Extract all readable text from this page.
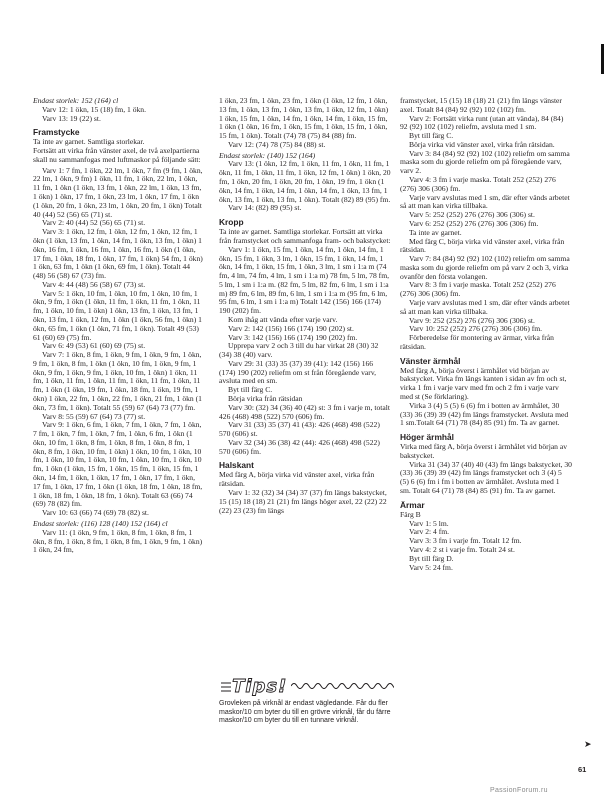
Endast storlek: 152 (164) cl

Varv 12: 1 ökn, 15 (18) fm, 1 ökn.

Varv 13: 19 (22) st.

Framstycke

Ta inte av garnet. Samtliga storlekar.

Fortsätt att virka från vänster axel, de två axelpartierna skall nu sammanfogas med luftmaskor på följande sätt:

Varv 1: 7 fm, 1 ökn, 22 lm, 1 ökn, 7 fm (9 fm, 1 ökn, 22 lm, 1 ökn, 9 fm) 1 ökn, 11 fm, 1 ökn, 22 lm, 1 ökn, 11 fm, 1 ökn (1 ökn, 13 fm, 1 ökn, 22 lm, 1 ökn, 13 fm, 1 ökn) 1 ökn, 17 fm, 1 ökn, 23 lm, 1 ökn, 17 fm, 1 ökn (1 ökn, 20 fm, 1 ökn, 23 lm, 1 ökn, 20 fm, 1 ökn) Totalt 40 (44) 52 (56) 65 (71) st.

Varv 2: 40 (44) 52 (56) 65 (71) st.

Varv 3: 1 ökn, 12 fm, 1 ökn, 12 fm, 1 ökn, 12 fm, 1 ökn (1 ökn, 13 fm, 1 ökn, 14 fm, 1 ökn, 13 fm, 1 ökn) 1 ökn, 16 fm, 1 ökn, 16 fm, 1 ökn, 16 fm, 1 ökn (1 ökn, 17 fm, 1 ökn, 18 fm, 1 ökn, 17 fm, 1 ökn) 54 fm, 1 ökn) 1 ökn, 63 fm, 1 ökn (1 ökn, 69 fm, 1 ökn). Totalt 44 (48) 56 (58) 67 (73) fm.

Varv 4: 44 (48) 56 (58) 67 (73) st.

Varv 5: 1 ökn, 10 fm, 1 ökn, 10 fm, 1 ökn, 10 fm, 1 ökn, 9 fm, 1 ökn (1 ökn, 11 fm, 1 ökn, 11 fm, 1 ökn, 11 fm, 1 ökn, 10 fm, 1 ökn) 1 ökn, 13 fm, 1 ökn, 13 fm, 1 ökn, 13 fm, 1 ökn, 12 fm, 1 ökn (1 ökn, 56 fm, 1 ökn) 1 ökn, 65 fm, 1 ökn (1 ökn, 71 fm, 1 ökn). Totalt 49 (53) 61 (60) 69 (75) fm.

Varv 6: 49 (53) 61 (60) 69 (75) st.

Varv 7: 1 ökn, 8 fm, 1 ökn, 9 fm, 1 ökn, 9 fm, 1 ökn, 9 fm, 1 ökn, 8 fm, 1 ökn (1 ökn, 10 fm, 1 ökn, 9 fm, 1 ökn, 9 fm, 1 ökn, 9 fm, 1 ökn, 10 fm, 1 ökn) 1 ökn, 11 fm, 1 ökn, 11 fm, 1 ökn, 11 fm, 1 ökn, 11 fm, 1 ökn, 11 fm, 1 ökn (1 ökn, 19 fm, 1 ökn, 18 fm, 1 ökn, 19 fm, 1 ökn) 1 ökn, 22 fm, 1 ökn, 22 fm, 1 ökn, 21 fm, 1 ökn (1 ökn, 73 fm, 1 ökn). Totalt 55 (59) 67 (64) 73 (77) fm.

Varv 8: 55 (59) 67 (64) 73 (77) st.

Varv 9: 1 ökn, 6 fm, 1 ökn, 7 fm, 1 ökn, 7 fm, 1 ökn, 7 fm, 1 ökn, 7 fm, 1 ökn, 7 fm, 1 ökn, 6 fm, 1 ökn (1 ökn, 10 fm, 1 ökn, 8 fm, 1 ökn, 8 fm, 1 ökn, 8 fm, 1 ökn, 8 fm, 1 ökn, 10 fm, 1 ökn) 1 ökn, 10 fm, 1 ökn, 10 fm, 1 ökn, 10 fm, 1 ökn, 10 fm, 1 ökn, 10 fm, 1 ökn, 10 fm, 1 ökn (1 ökn, 15 fm, 1 ökn, 15 fm, 1 ökn, 15 fm, 1 ökn, 14 fm, 1 ökn, 1 ökn, 17 fm, 1 ökn, 17 fm, 1 ökn, 17 fm, 1 ökn, 17 fm, 1 ökn (1 ökn, 18 fm, 1 ökn, 18 fm, 1 ökn, 18 fm, 1 ökn, 18 fm, 1 ökn). Totalt 63 (66) 74 (69) 78 (82) fm.

Varv 10: 63 (66) 74 (69) 78 (82) st.

Endast storlek: (116) 128 (140) 152 (164) cl

Varv 11: (1 ökn, 9 fm, 1 ökn, 8 fm, 1 ökn, 8 fm, 1 ökn, 8 fm, 1 ökn, 8 fm, 1 ökn, 8 fm, 1 ökn, 9 fm, 1 ökn) 1 ökn, 24 fm,

1 ökn, 23 fm, 1 ökn, 23 fm, 1 ökn (1 ökn, 12 fm, 1 ökn, 13 fm, 1 ökn, 13 fm, 1 ökn, 13 fm, 1 ökn, 12 fm, 1 ökn) 1 ökn, 15 fm, 1 ökn, 14 fm, 1 ökn, 14 fm, 1 ökn, 15 fm, 1 ökn (1 ökn, 16 fm, 1 ökn, 15 fm, 1 ökn, 15 fm, 1 ökn, 15 fm, 1 ökn). Totalt (74) 78 (75) 84 (88) fm.

Varv 12: (74) 78 (75) 84 (88) st.

Endast storlek: (140) 152 (164)

Varv 13: (1 ökn, 12 fm, 1 ökn, 11 fm, 1 ökn, 11 fm, 1 ökn, 11 fm, 1 ökn, 11 fm, 1 ökn, 12 fm, 1 ökn) 1 ökn, 20 fm, 1 ökn, 20 fm, 1 ökn, 20 fm, 1 ökn, 19 fm, 1 ökn (1 ökn, 14 fm, 1 ökn, 14 fm, 1 ökn, 14 fm, 1 ökn, 13 fm, 1 ökn, 13 fm, 1 ökn, 13 fm, 1 ökn). Totalt (82) 89 (95) fm.

Varv 14: (82) 89 (95) st.

Kropp

Ta inte av garnet. Samtliga storlekar. Fortsätt att virka från framstycket och sammanfoga fram- och bakstycket:

Varv 1: 1 ökn, 15 fm, 1 ökn, 14 fm, 1 ökn, 14 fm, 1 ökn, 15 fm, 1 ökn, 3 lm, 1 ökn, 15 fm, 1 ökn, 14 fm, 1 ökn, 14 fm, 1 ökn, 15 fm, 1 ökn, 3 lm, 1 sm i 1:a m (74 fm, 4 lm, 74 fm, 4 lm, 1 sm i 1:a m) 78 fm, 5 lm, 78 fm, 5 lm, 1 sm i 1:a m. (82 fm, 5 lm, 82 fm, 6 lm, 1 sm i 1:a m) 89 fm, 6 lm, 89 fm, 6 lm, 1 sm i 1:a m (95 fm, 6 lm, 95 fm, 6 lm, 1 sm i 1:a m) Totalt 142 (156) 166 (174) 190 (202) fm.

Kom ihåg att vända efter varje varv.

Varv 2: 142 (156) 166 (174) 190 (202) st.

Varv 3: 142 (156) 166 (174) 190 (202) fm.

Upprepa varv 2 och 3 till du har virkat 28 (30) 32 (34) 38 (40) varv.

Varv 29: 31 (33) 35 (37) 39 (41): 142 (156) 166 (174) 190 (202) reliefm om st från föregående varv, avsluta med en sm.

Byt till färg C.

Börja virka från rätsidan

Varv 30: (32) 34 (36) 40 (42) st: 3 fm i varje m, totalt 426 (468) 498 (522) 570 (606) fm.

Varv 31 (33) 35 (37) 41 (43): 426 (468) 498 (522) 570 (606) st.

Varv 32 (34) 36 (38) 42 (44): 426 (468) 498 (522) 570 (606) fm.

Halskant

Med färg A, börja virka vid vänster axel, virka från rätsidan.

Varv 1: 32 (32) 34 (34) 37 (37) fm längs bakstycket, 15 (15) 18 (18) 21 (21) fm längs höger axel, 22 (22) 22 (22) 23 (23) fm längs

Tips!
Grovleken på virknål är endast vägledande. Får du fler maskor/10 cm byter du till en grövre virknål, får du färre maskor/10 cm byter du till en tunnare virknål.

framstycket, 15 (15) 18 (18) 21 (21) fm längs vänster axel. Totalt 84 (84) 92 (92) 102 (102) fm.

Varv 2: Fortsätt virka runt (utan att vända), 84 (84) 92 (92) 102 (102) reliefm, avsluta med 1 sm.

Byt till färg C.

Börja virka vid vänster axel, virka från rätsidan.

Varv 3: 84 (84) 92 (92) 102 (102) reliefm om samma maska som du gjorde reliefm om på föregående varv, varv 2.

Varv 4: 3 fm i varje maska. Totalt 252 (252) 276 (276) 306 (306) fm.

Varje varv avslutas med 1 sm, där efter vänds arbetet så att man kan virka tillbaka.

Varv 5: 252 (252) 276 (276) 306 (306) st.

Varv 6: 252 (252) 276 (276) 306 (306) fm.

Ta inte av garnet.

Med färg C, börja virka vid vänster axel, virka från rätsidan.

Varv 7: 84 (84) 92 (92) 102 (102) reliefm om samma maska som du gjorde reliefm om på varv 2 och 3, virka ovanför den första volangen.

Varv 8: 3 fm i varje maska. Totalt 252 (252) 276 (276) 306 (306) fm.

Varje varv avslutas med 1 sm, där efter vänds arbetet så att man kan virka tillbaka.

Varv 9: 252 (252) 276 (276) 306 (306) st.

Varv 10: 252 (252) 276 (276) 306 (306) fm.

Förberedelse för montering av ärmar, virka från rätsidan.

Vänster ärmhål

Med färg A, börja överst i ärmhålet vid början av bakstycket. Virka fm längs kanten i sidan av fm och st, virka 1 fm i varje varv med fm och 2 fm i varje varv med st (Se förklaring).

Virka 3 (4) 5 (5) 6 (6) fm i botten av ärmhålet, 30 (33) 36 (39) 39 (42) fm längs framstycket. Avsluta med 1 sm.Totalt 64 (71) 78 (84) 85 (91) fm. Ta av garnet.

Höger ärmhål

Virka med färg A, börja överst i ärmhålet vid början av bakstycket.

Virka 31 (34) 37 (40) 40 (43) fm längs bakstycket, 30 (33) 36 (39) 39 (42) fm längs framstycket och 3 (4) 5 (5) 6 (6) fm i fm i botten av ärmhålet. Avsluta med 1 sm. Totalt 64 (71) 78 (84) 85 (91) fm. Ta av garnet.

Ärmar

Färg B

Varv 1: 5 lm.

Varv 2: 4 fm.

Varv 3: 3 fm i varje fm. Totalt 12 fm.

Varv 4: 2 st i varje fm. Totalt 24 st.

Byt till färg D.

Varv 5: 24 fm.

➤
61
PassionForum.ru
